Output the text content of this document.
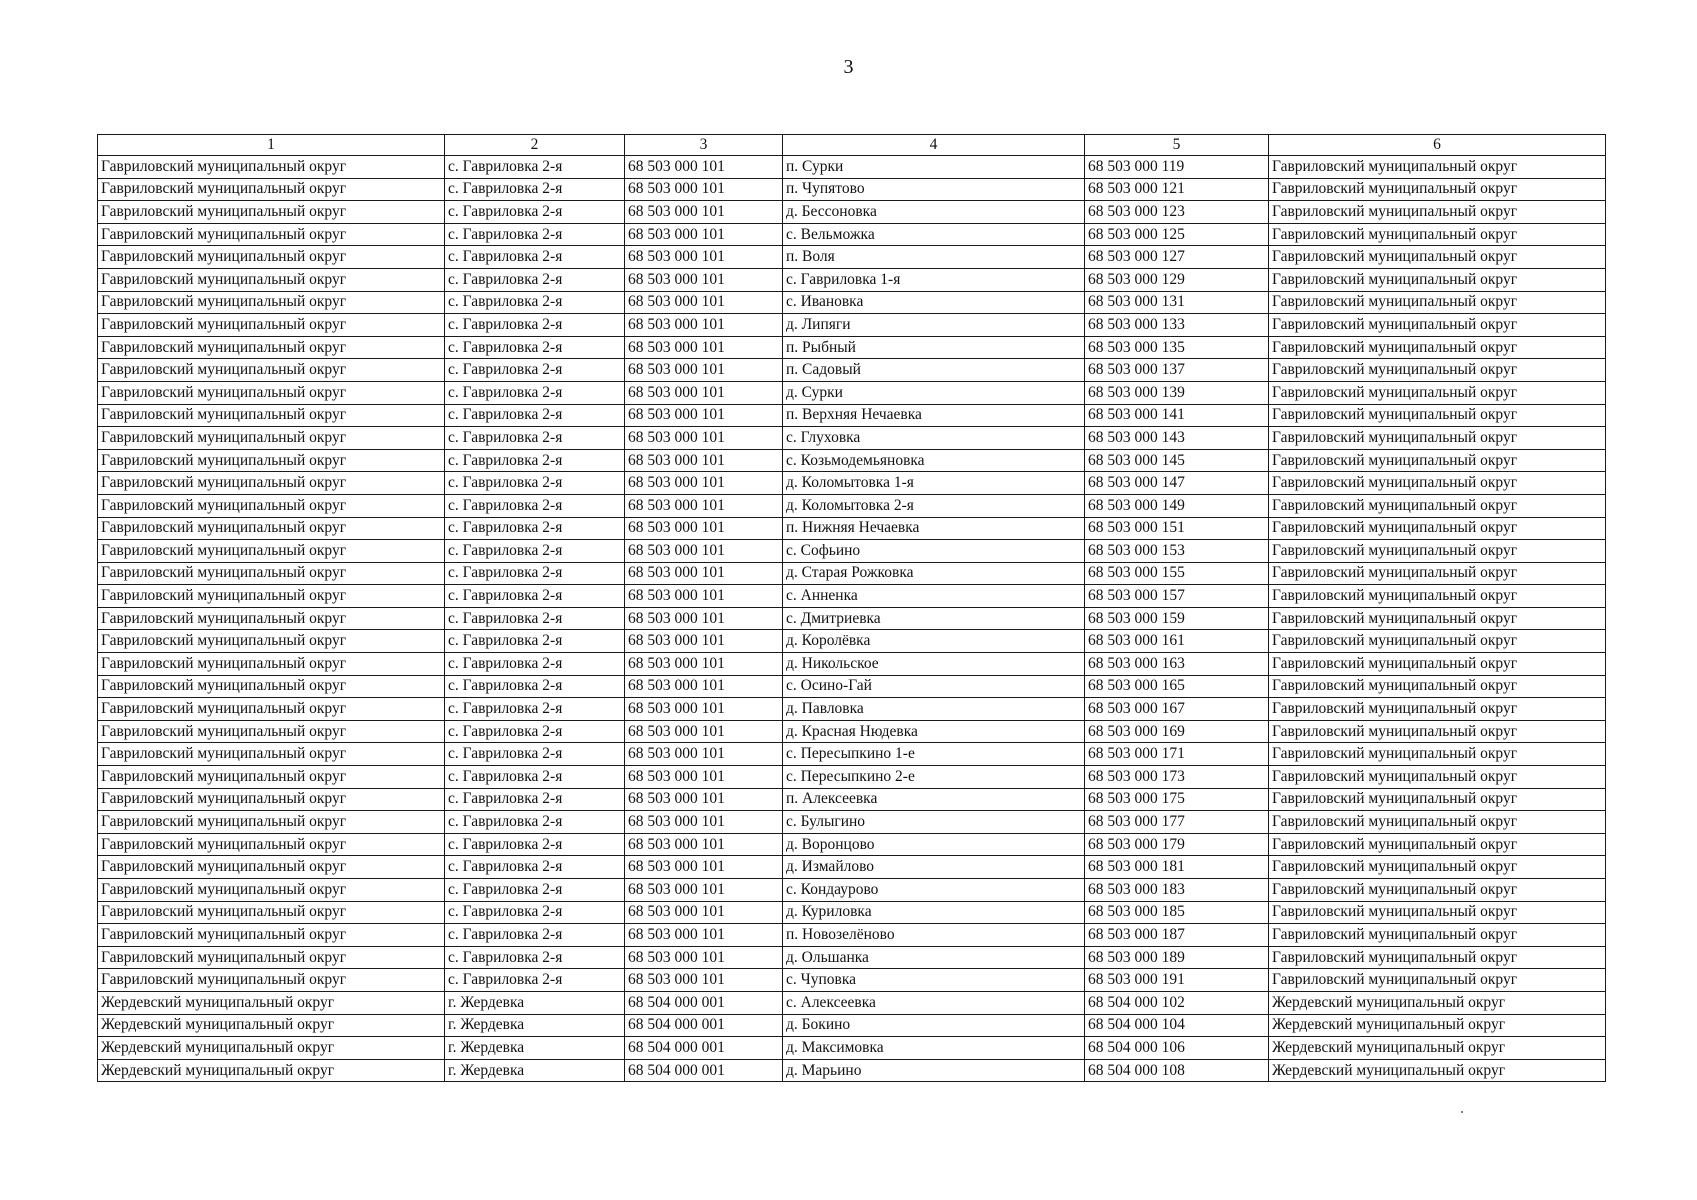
3
1	2	3	4	5	6
Гавриловский муниципальный округ	с. Гавриловка 2-я	68 503 000 101	п. Сурки	68 503 000 119	Гавриловский муниципальный округ
Гавриловский муниципальный округ	с. Гавриловка 2-я	68 503 000 101	п. Чупятово	68 503 000 121	Гавриловский муниципальный округ
Гавриловский муниципальный округ	с. Гавриловка 2-я	68 503 000 101	д. Бессоновка	68 503 000 123	Гавриловский муниципальный округ
Гавриловский муниципальный округ	с. Гавриловка 2-я	68 503 000 101	с. Вельможка	68 503 000 125	Гавриловский муниципальный округ
Гавриловский муниципальный округ	с. Гавриловка 2-я	68 503 000 101	п. Воля	68 503 000 127	Гавриловский муниципальный округ
Гавриловский муниципальный округ	с. Гавриловка 2-я	68 503 000 101	с. Гавриловка 1-я	68 503 000 129	Гавриловский муниципальный округ
Гавриловский муниципальный округ	с. Гавриловка 2-я	68 503 000 101	с. Ивановка	68 503 000 131	Гавриловский муниципальный округ
Гавриловский муниципальный округ	с. Гавриловка 2-я	68 503 000 101	д. Липяги	68 503 000 133	Гавриловский муниципальный округ
Гавриловский муниципальный округ	с. Гавриловка 2-я	68 503 000 101	п. Рыбный	68 503 000 135	Гавриловский муниципальный округ
Гавриловский муниципальный округ	с. Гавриловка 2-я	68 503 000 101	п. Садовый	68 503 000 137	Гавриловский муниципальный округ
Гавриловский муниципальный округ	с. Гавриловка 2-я	68 503 000 101	д. Сурки	68 503 000 139	Гавриловский муниципальный округ
Гавриловский муниципальный округ	с. Гавриловка 2-я	68 503 000 101	п. Верхняя Нечаевка	68 503 000 141	Гавриловский муниципальный округ
Гавриловский муниципальный округ	с. Гавриловка 2-я	68 503 000 101	с. Глуховка	68 503 000 143	Гавриловский муниципальный округ
Гавриловский муниципальный округ	с. Гавриловка 2-я	68 503 000 101	с. Козьмодемьяновка	68 503 000 145	Гавриловский муниципальный округ
Гавриловский муниципальный округ	с. Гавриловка 2-я	68 503 000 101	д. Коломытовка 1-я	68 503 000 147	Гавриловский муниципальный округ
Гавриловский муниципальный округ	с. Гавриловка 2-я	68 503 000 101	д. Коломытовка 2-я	68 503 000 149	Гавриловский муниципальный округ
Гавриловский муниципальный округ	с. Гавриловка 2-я	68 503 000 101	п. Нижняя Нечаевка	68 503 000 151	Гавриловский муниципальный округ
Гавриловский муниципальный округ	с. Гавриловка 2-я	68 503 000 101	с. Софьино	68 503 000 153	Гавриловский муниципальный округ
Гавриловский муниципальный округ	с. Гавриловка 2-я	68 503 000 101	д. Старая Рожковка	68 503 000 155	Гавриловский муниципальный округ
Гавриловский муниципальный округ	с. Гавриловка 2-я	68 503 000 101	с. Анненка	68 503 000 157	Гавриловский муниципальный округ
Гавриловский муниципальный округ	с. Гавриловка 2-я	68 503 000 101	с. Дмитриевка	68 503 000 159	Гавриловский муниципальный округ
Гавриловский муниципальный округ	с. Гавриловка 2-я	68 503 000 101	д. Королёвка	68 503 000 161	Гавриловский муниципальный округ
Гавриловский муниципальный округ	с. Гавриловка 2-я	68 503 000 101	д. Никольское	68 503 000 163	Гавриловский муниципальный округ
Гавриловский муниципальный округ	с. Гавриловка 2-я	68 503 000 101	с. Осино-Гай	68 503 000 165	Гавриловский муниципальный округ
Гавриловский муниципальный округ	с. Гавриловка 2-я	68 503 000 101	д. Павловка	68 503 000 167	Гавриловский муниципальный округ
Гавриловский муниципальный округ	с. Гавриловка 2-я	68 503 000 101	д. Красная Нюдевка	68 503 000 169	Гавриловский муниципальный округ
Гавриловский муниципальный округ	с. Гавриловка 2-я	68 503 000 101	с. Пересыпкино 1-е	68 503 000 171	Гавриловский муниципальный округ
Гавриловский муниципальный округ	с. Гавриловка 2-я	68 503 000 101	с. Пересыпкино 2-е	68 503 000 173	Гавриловский муниципальный округ
Гавриловский муниципальный округ	с. Гавриловка 2-я	68 503 000 101	п. Алексеевка	68 503 000 175	Гавриловский муниципальный округ
Гавриловский муниципальный округ	с. Гавриловка 2-я	68 503 000 101	с. Булыгино	68 503 000 177	Гавриловский муниципальный округ
Гавриловский муниципальный округ	с. Гавриловка 2-я	68 503 000 101	д. Воронцово	68 503 000 179	Гавриловский муниципальный округ
Гавриловский муниципальный округ	с. Гавриловка 2-я	68 503 000 101	д. Измайлово	68 503 000 181	Гавриловский муниципальный округ
Гавриловский муниципальный округ	с. Гавриловка 2-я	68 503 000 101	с. Кондаурово	68 503 000 183	Гавриловский муниципальный округ
Гавриловский муниципальный округ	с. Гавриловка 2-я	68 503 000 101	д. Куриловка	68 503 000 185	Гавриловский муниципальный округ
Гавриловский муниципальный округ	с. Гавриловка 2-я	68 503 000 101	п. Новозелёново	68 503 000 187	Гавриловский муниципальный округ
Гавриловский муниципальный округ	с. Гавриловка 2-я	68 503 000 101	д. Ольшанка	68 503 000 189	Гавриловский муниципальный округ
Гавриловский муниципальный округ	с. Гавриловка 2-я	68 503 000 101	с. Чуповка	68 503 000 191	Гавриловский муниципальный округ
Жердевский муниципальный округ	г. Жердевка	68 504 000 001	с. Алексеевка	68 504 000 102	Жердевский муниципальный округ
Жердевский муниципальный округ	г. Жердевка	68 504 000 001	д. Бокино	68 504 000 104	Жердевский муниципальный округ
Жердевский муниципальный округ	г. Жердевка	68 504 000 001	д. Максимовка	68 504 000 106	Жердевский муниципальный округ
Жердевский муниципальный округ	г. Жердевка	68 504 000 001	д. Марьино	68 504 000 108	Жердевский муниципальный округ
